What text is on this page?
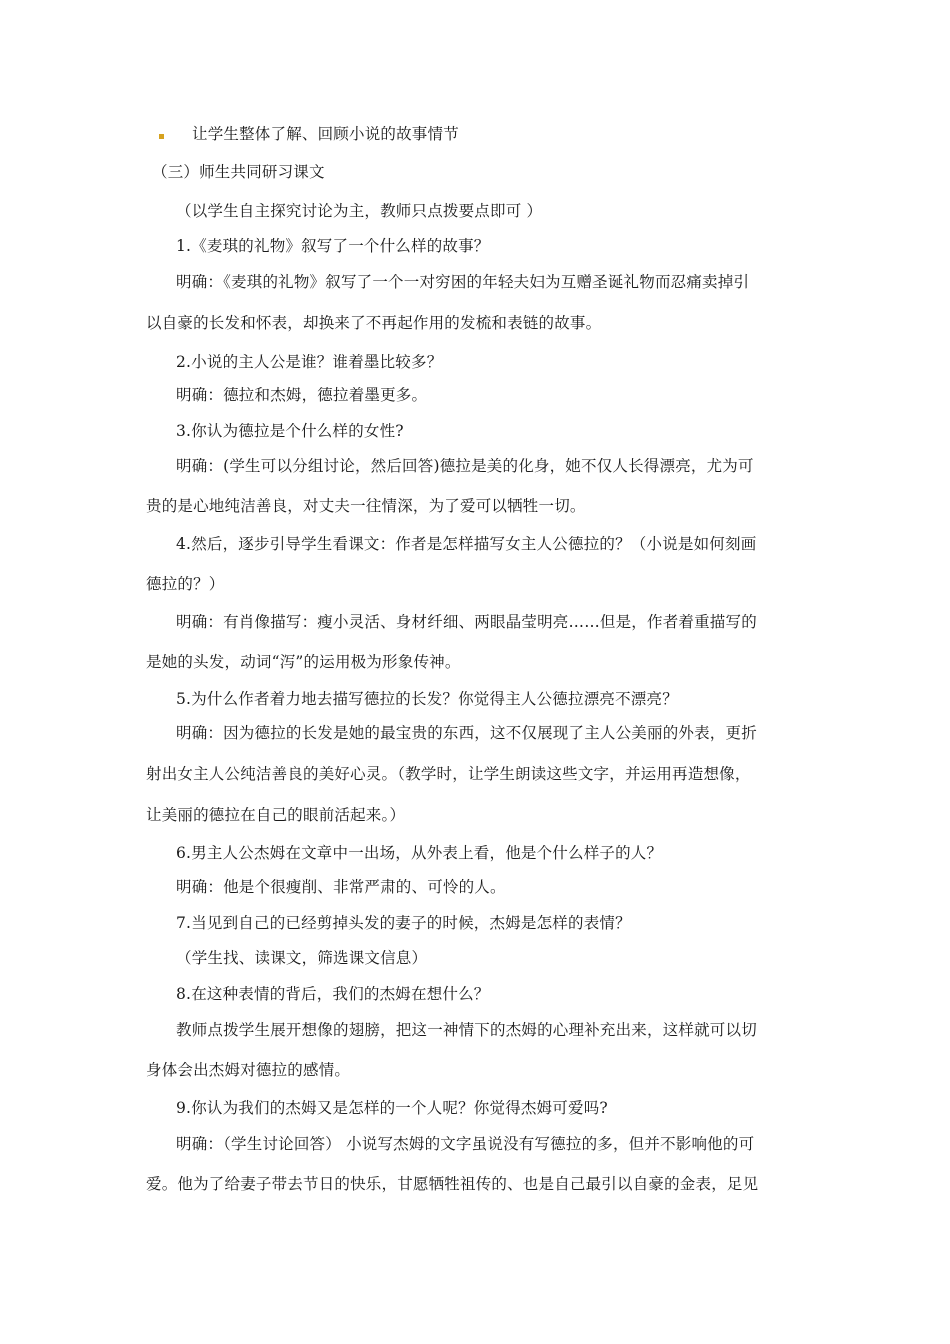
让学生整体了解、回顾小说的故事情节
（三）师生共同研习课文
（以学生自主探究讨论为主，教师只点拨要点即可 ）
1.《麦琪的礼物》叙写了一个什么样的故事？
明确：《麦琪的礼物》叙写了一个一对穷困的年轻夫妇为互赠圣诞礼物而忍痛卖掉引
以自豪的长发和怀表，却换来了不再起作用的发梳和表链的故事。
2.小说的主人公是谁？谁着墨比较多？
明确：德拉和杰姆，德拉着墨更多。
3.你认为德拉是个什么样的女性?
明确：(学生可以分组讨论，然后回答)德拉是美的化身，她不仅人长得漂亮，尤为可
贵的是心地纯洁善良，对丈夫一往情深，为了爱可以牺牲一切。
4.然后，逐步引导学生看课文：作者是怎样描写女主人公德拉的？（小说是如何刻画
德拉的？）
明确：有肖像描写：瘦小灵活、身材纤细、两眼晶莹明亮……但是，作者着重描写的
是她的头发，动词“泻”的运用极为形象传神。
5.为什么作者着力地去描写德拉的长发？你觉得主人公德拉漂亮不漂亮？
明确：因为德拉的长发是她的最宝贵的东西，这不仅展现了主人公美丽的外表，更折
射出女主人公纯洁善良的美好心灵。（教学时，让学生朗读这些文字，并运用再造想像，
让美丽的德拉在自己的眼前活起来。）
6.男主人公杰姆在文章中一出场，从外表上看，他是个什么样子的人？
明确：他是个很瘦削、非常严肃的、可怜的人。
7.当见到自己的已经剪掉头发的妻子的时候，杰姆是怎样的表情？
（学生找、读课文，筛选课文信息）
8.在这种表情的背后，我们的杰姆在想什么？
教师点拨学生展开想像的翅膀，把这一神情下的杰姆的心理补充出来，这样就可以切
身体会出杰姆对德拉的感情。
9.你认为我们的杰姆又是怎样的一个人呢？你觉得杰姆可爱吗?
明确：（学生讨论回答） 小说写杰姆的文字虽说没有写德拉的多，但并不影响他的可
爱。他为了给妻子带去节日的快乐，甘愿牺牲祖传的、也是自己最引以自豪的金表，足见
